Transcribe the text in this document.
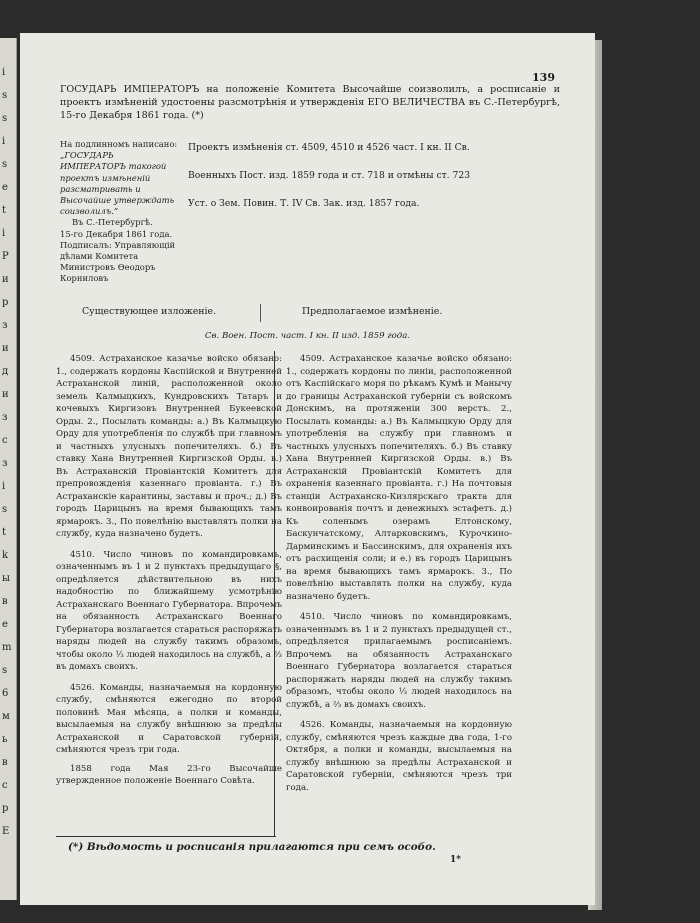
i
s
s
i
s
e
t
i
P
и
р
з
и
д
и
з
с
з
i
s
t
k
ы
в
е
m
s
6
м
ь
в
с
p
E
139
ГОСУДАРЬ ИМПЕРАТОРЪ на положеніе Комитета Высочайше соизволилъ, а росписаніе и проектъ измѣненій удостоены разсмотрѣнія и утвержденія ЕГО ВЕЛИЧЕСТВА въ С.-Петербургѣ, 15-го Декабря 1861 года. (*)
На подлинномъ написано:
„ГОСУДАРЬ ИМПЕРАТОРЪ такогой проектъ измѣненій разсматривать и Высочайше утверждать соизволилъ.“
Въ С.-Петербургѣ.
15-го Декабря 1861 года.
Подписалъ: Управляющій дѣлами Комитета Министровъ Ѳеодоръ Корниловъ

Проектъ измѣненія ст. 4509, 4510 и 4526 част. I кн. II Св.

Военныхъ Пост. изд. 1859 года и ст. 718 и отмѣны ст. 723

Уст. о Зем. Повин. Т. IV Св. Зак. изд. 1857 года.

Существующее изложеніе.	Предполагаемое измѣненіе.
Св. Воен. Пост. част. I кн. II изд. 1859 года.

4509. Астраханское казачье войско обязано: 1., содержать кордоны Каспійской и Внутренней Астраханской линій, расположенной около земель Калмыцкихъ, Кундровскихъ Татаръ и кочевыхъ Киргизовъ Внутренней Букеевской Орды. 2., Посылать команды: а.) Въ Калмыцкую Орду для употребленія по службѣ при главномъ и частныхъ улусныхъ попечителяхъ. б.) Въ ставку Хана Внутренней Киргизской Орды. в.) Въ Астраханскій Провіантскій Комитетъ для препровожденія казеннаго провіанта. г.) Въ Астраханскіе карантины, заставы и проч.; д.) Въ городъ Царицынъ на время бывающихъ тамъ ярмарокъ. 3., По повелѣнію выставлять полки на службу, куда назначено будетъ.

4510. Число чиновъ по командировкамъ, означеннымъ въ 1 и 2 пунктахъ предыдущаго §, опредѣляется дѣйствительною въ нихъ надобностію по ближайшему усмотрѣнію Астраханскаго Военнаго Губернатора. Впрочемъ на обязанность Астраханскаго Военнаго Губернатора возлагается стараться распоряжать наряды людей на службу такимъ образомъ, чтобы около ⅓ людей находилось на службѣ, а ⅔ въ домахъ своихъ.

4526. Команды, назначаемыя на кордонную службу, смѣняются ежегодно по второй половинѣ Мая мѣсяца, а полки и команды, высылаемыя на службу внѣшнюю за предѣлы Астраханской и Саратовской губерній, смѣняются чрезъ три года.

1858 года Мая 23-го Высочайше утвержденное положеніе Военнаго Совѣта.

4509. Астраханское казачье войско обязано: 1., содержать кордоны по линіи, расположенной отъ Каспійскаго моря по рѣкамъ Кумѣ и Манычу до границы Астраханской губерніи съ войскомъ Донскимъ, на протяженіи 300 верстъ. 2., Посылать команды: а.) Въ Калмыцкую Орду для употребленія на службу при главномъ и частныхъ улусныхъ попечителяхъ. б.) Въ ставку Хана Внутренней Киргизской Орды. в.) Въ Астраханскій Провіантскій Комитетъ для охраненія казеннаго провіанта. г.) На почтовыя станціи Астраханско-Кизлярскаго тракта для конвоированія почтъ и денежныхъ эстафетъ. д.) Къ соленымъ озерамъ Елтонскому, Баскунчатскому, Алтарковскимъ, Курочкино-Дарминскимъ и Бассинскимъ, для охраненія ихъ отъ расхищенія соли; и е.) въ городъ Царицынъ на время бывающихъ тамъ ярмарокъ. 3., По повелѣнію выставлять полки на службу, куда назначено будетъ.

4510. Число чиновъ по командировкамъ, означеннымъ въ 1 и 2 пунктахъ предыдущей ст., опредѣляется прилагаемымъ росписаніемъ. Впрочемъ на обязанность Астраханскаго Военнаго Губернатора возлагается стараться распоряжать наряды людей на службу такимъ образомъ, чтобы около ⅓ людей находилось на службѣ, а ⅔ въ домахъ своихъ.

4526. Команды, назначаемыя на кордонную службу, смѣняются чрезъ каждые два года, 1-го Октября, а полки и команды, высылаемыя на службу внѣшнюю за предѣлы Астраханской и Саратовской губерніи, смѣняются чрезъ три года.

(*) Вѣдомость и росписанія прилагаются при семъ особо.
1*
